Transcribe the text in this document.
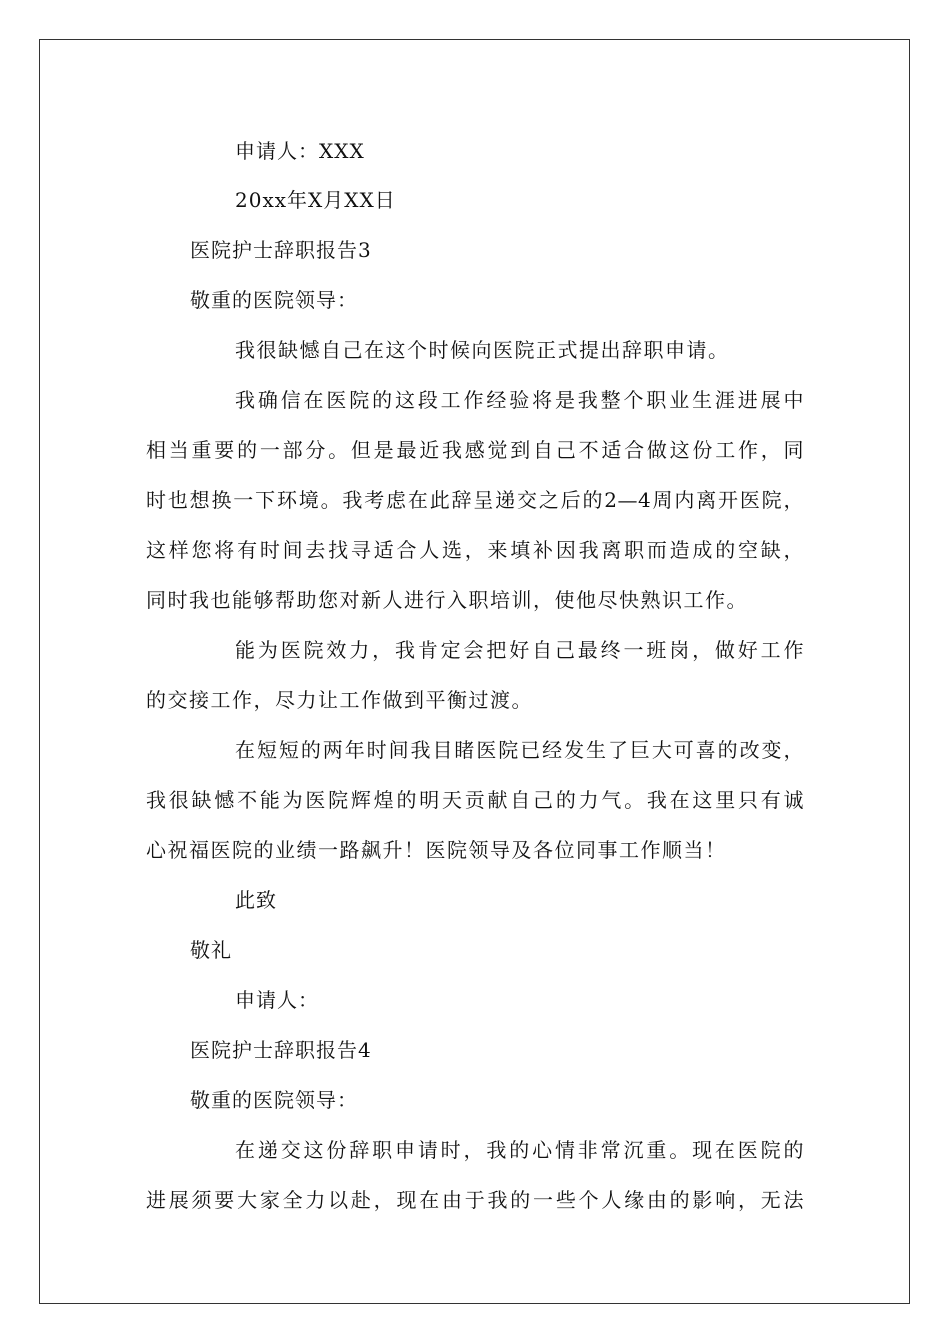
申请人：XXX
20xx年X月XX日
医院护士辞职报告3
敬重的医院领导：
我很缺憾自己在这个时候向医院正式提出辞职申请。
我确信在医院的这段工作经验将是我整个职业生涯进展中
相当重要的一部分。但是最近我感觉到自己不适合做这份工作，同
时也想换一下环境。我考虑在此辞呈递交之后的2—4周内离开医院，
这样您将有时间去找寻适合人选，来填补因我离职而造成的空缺，
同时我也能够帮助您对新人进行入职培训，使他尽快熟识工作。
能为医院效力，我肯定会把好自己最终一班岗，做好工作
的交接工作，尽力让工作做到平衡过渡。
在短短的两年时间我目睹医院已经发生了巨大可喜的改变，
我很缺憾不能为医院辉煌的明天贡献自己的力气。我在这里只有诚
心祝福医院的业绩一路飙升！医院领导及各位同事工作顺当！
此致
敬礼
申请人：
医院护士辞职报告4
敬重的医院领导：
在递交这份辞职申请时，我的心情非常沉重。现在医院的
进展须要大家全力以赴，现在由于我的一些个人缘由的影响，无法
